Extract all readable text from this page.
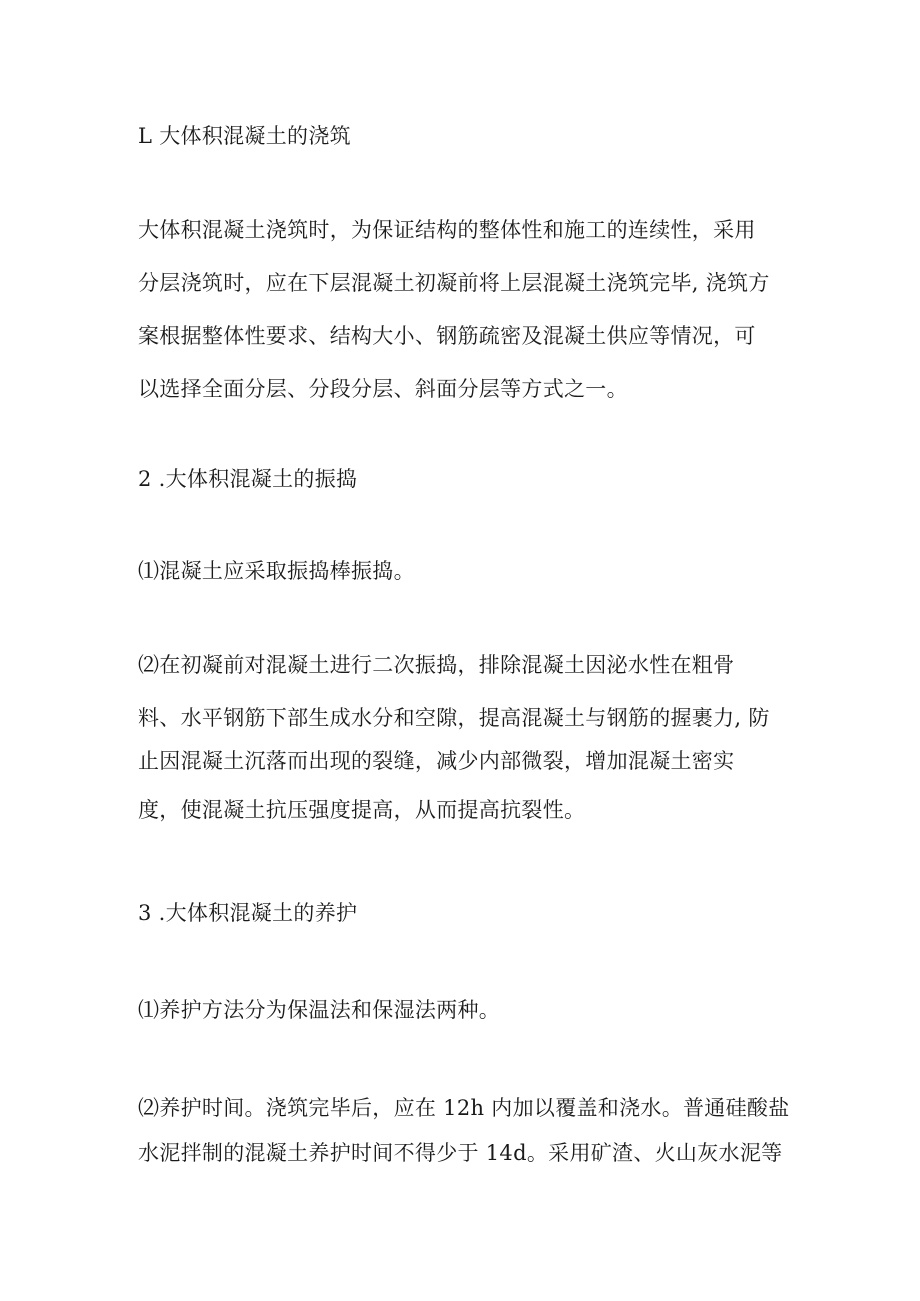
L 大体积混凝土的浇筑
大体积混凝土浇筑时，为保证结构的整体性和施工的连续性，采用
分层浇筑时，应在下层混凝土初凝前将上层混凝土浇筑完毕, 浇筑方
案根据整体性要求、结构大小、钢筋疏密及混凝土供应等情况，可
以选择全面分层、分段分层、斜面分层等方式之一。
2 .大体积混凝土的振捣
⑴混凝土应采取振捣棒振捣。
⑵在初凝前对混凝土进行二次振捣，排除混凝土因泌水性在粗骨
料、水平钢筋下部生成水分和空隙，提高混凝土与钢筋的握裹力, 防
止因混凝土沉落而出现的裂缝，减少内部微裂，增加混凝土密实
度，使混凝土抗压强度提高，从而提高抗裂性。
3 .大体积混凝土的养护
⑴养护方法分为保温法和保湿法两种。
⑵养护时间。浇筑完毕后，应在 12h 内加以覆盖和浇水。普通硅酸盐
水泥拌制的混凝土养护时间不得少于 14d。采用矿渣、火山灰水泥等
